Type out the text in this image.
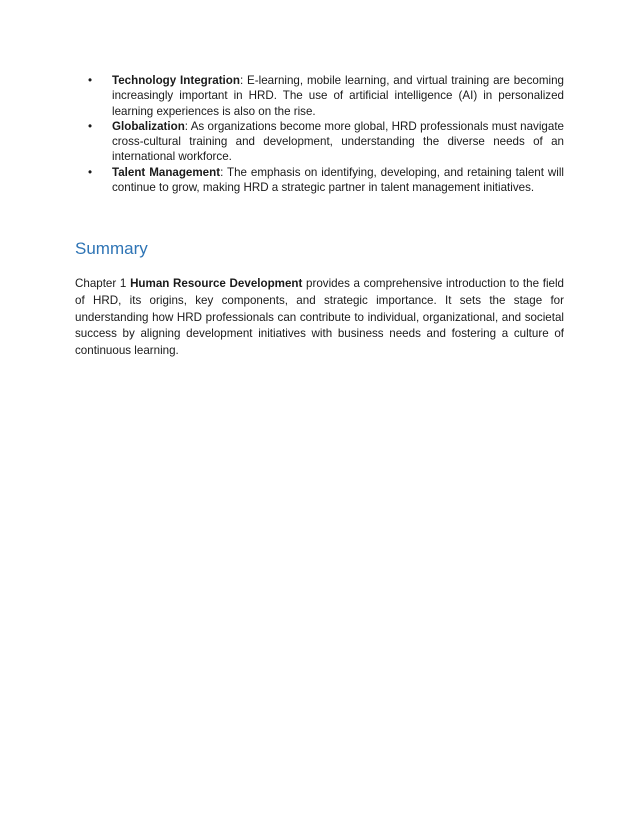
• Technology Integration: E-learning, mobile learning, and virtual training are becoming increasingly important in HRD. The use of artificial intelligence (AI) in personalized learning experiences is also on the rise.
• Globalization: As organizations become more global, HRD professionals must navigate cross-cultural training and development, understanding the diverse needs of an international workforce.
• Talent Management: The emphasis on identifying, developing, and retaining talent will continue to grow, making HRD a strategic partner in talent management initiatives.
Summary

Chapter 1 Human Resource Development provides a comprehensive introduction to the field of HRD, its origins, key components, and strategic importance. It sets the stage for understanding how HRD professionals can contribute to individual, organizational, and societal success by aligning development initiatives with business needs and fostering a culture of continuous learning.
